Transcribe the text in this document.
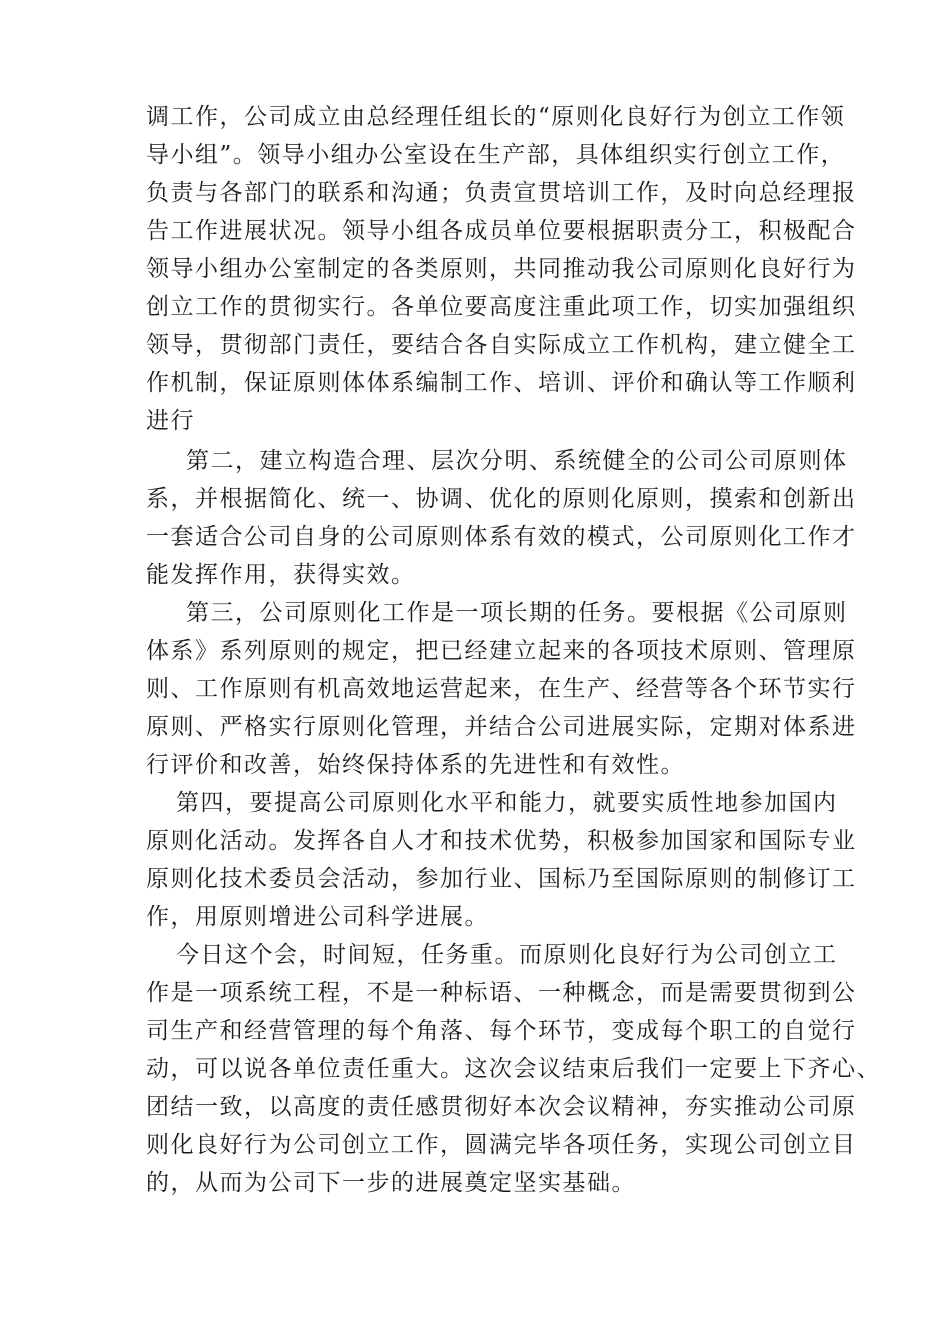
调工作，公司成立由总经理任组长的“原则化良好行为创立工作领
导小组”。领导小组办公室设在生产部，具体组织实行创立工作，
负责与各部门的联系和沟通；负责宣贯培训工作，及时向总经理报
告工作进展状况。领导小组各成员单位要根据职责分工，积极配合
领导小组办公室制定的各类原则，共同推动我公司原则化良好行为
创立工作的贯彻实行。各单位要高度注重此项工作，切实加强组织
领导，贯彻部门责任，要结合各自实际成立工作机构，建立健全工
作机制，保证原则体体系编制工作、培训、评价和确认等工作顺利
进行
第二，建立构造合理、层次分明、系统健全的公司公司原则体
系，并根据简化、统一、协调、优化的原则化原则，摸索和创新出
一套适合公司自身的公司原则体系有效的模式，公司原则化工作才
能发挥作用，获得实效。
第三，公司原则化工作是一项长期的任务。要根据《公司原则
体系》系列原则的规定，把已经建立起来的各项技术原则、管理原
则、工作原则有机高效地运营起来，在生产、经营等各个环节实行
原则、严格实行原则化管理，并结合公司进展实际，定期对体系进
行评价和改善，始终保持体系的先进性和有效性。
第四，要提高公司原则化水平和能力，就要实质性地参加国内
原则化活动。发挥各自人才和技术优势，积极参加国家和国际专业
原则化技术委员会活动，参加行业、国标乃至国际原则的制修订工
作，用原则增进公司科学进展。
今日这个会，时间短，任务重。而原则化良好行为公司创立工
作是一项系统工程，不是一种标语、一种概念，而是需要贯彻到公
司生产和经营管理的每个角落、每个环节，变成每个职工的自觉行
动，可以说各单位责任重大。这次会议结束后我们一定要上下齐心、
团结一致，以高度的责任感贯彻好本次会议精神，夯实推动公司原
则化良好行为公司创立工作，圆满完毕各项任务，实现公司创立目
的，从而为公司下一步的进展奠定坚实基础。
